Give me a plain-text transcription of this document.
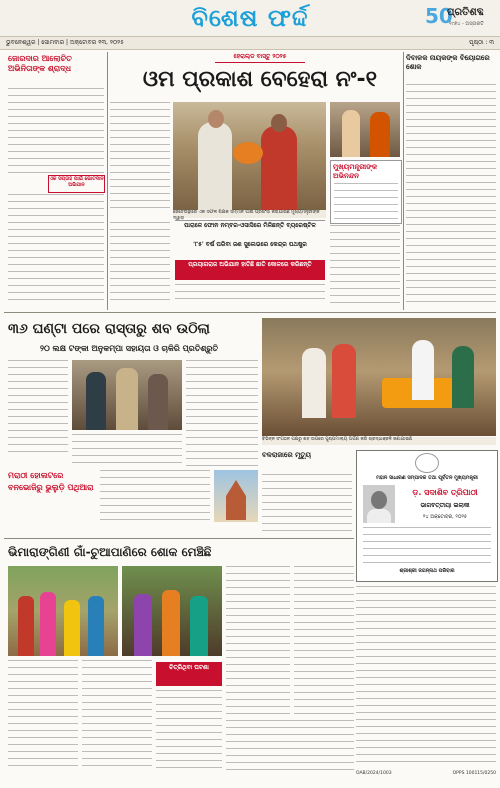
ବିଶେଷ ଫର୍ଦ୍ଦ	50
ପ୍ରତିଶବ୍ଦ
୧୯୭୪ - ଅସ୍ତାରତି
ଭୁବନେଶ୍ୱର | ସୋମବାର | ଅକ୍ଟୋବର ୧୩, ୨୦୨୫	ପୃଷ୍ଠା : ୩
ଜୋରଦାର ଆଲୋଚିତ ଅଭିନିତାଙ୍କ ଶ୍ରାଦ୍ଧ
ଏକ ସପ୍ତାହ ପାଇଁ ଭୋଟଦାନ ଅଭିଯାନ
ହେରାଲ୍ଡ ବାସ୍ତୁ ୨୦୨୫
ଓମ ପ୍ରକାଶ ବେହେରା ନଂ-୧
ଜେତେଉନ୍ଥାରେ ଏକ ସଫଳ ଶିକ୍ଷକ ସମ୍ମାନ ପାଇ ପ୍ରଶଂସା କରାଯାଇଛି ମୁଖ୍ୟମନ୍ତ୍ରୀଙ୍କ ଦ୍ୱାରା
ମୁଖ୍ୟମନ୍ତ୍ରୀଙ୍କ ଅଭିନନ୍ଦନ
ପାରାଳେ ଫୋନ ନମ୍ବର-ଓସାସିରେ ମିଳିଛନ୍ତି ବ୍ୟରେଷ୍ଟିଳ
'୮୫' ବର୍ଷ ପରିବା ଜଣ ସୁଲେଭରେ କେନ୍ଦ୍ର ପଥଷ୍ଟ୍ର
ପ୍ରୟାଗରାଜ ଅଭିଯାନ ହାତିଛି ଛାତି କୋଳରେ କରିଛନ୍ତି
ଦିବାଳକ ନାୟକଙ୍କ ବିୟୋଗରେ ଶୋକ
୩୬ ଘଣ୍ଟା ପରେ ରାସ୍ତାରୁ ଶବ ଉଠିଲା
୨୦ ଲକ୍ଷ ଟଙ୍କା ଅନୁକମ୍ପା ସହାୟତା ଓ ଚାକିରି ପ୍ରତିଶ୍ରୁତି
ବିଭିନ୍ନ ସଂଗଠନ ପକ୍ଷରୁ ଶବ ଉପରେ ପୁଷ୍ପମାଲ୍ୟ ଅର୍ପଣ କରି ଶ୍ରଦ୍ଧାଞ୍ଜଳି ଜଣାଯାଇଛି
ମରାଠୀ ହୋଲଟରେ ବନଭୋଜିରୁ ଭୁଲୁଡ଼ି ପଥିଆରା
ବଳରାଜାରେ ମୃତ୍ୟୁ
ମହାନ ସାଧାରଣ ସମ୍ପାଦକ ତଥା ପୂର୍ବତନ ମୁଖ୍ୟମନ୍ତ୍ରୀ
ଡ଼. ସଦାଶିବ ତ୍ରିପାଠୀ
ଭାଗବତ୍ତୀୟା ଇଲାକୀ
୨୪ ଅକ୍ଟୋବର, ୨୦୨୫
ଶ୍ରୀଶ୍ରୀ ଜଗନ୍ନାଥ ପରିବାର
ଭିମାରାଙ୍ଗିଣୀ ଗାଁ-ଚୁଆପାଣିରେ ଶୋକ ମେଞ୍ଚିଛି
ଚିତ୍ରିଥିବା ଘଟଣା
OPPS 100115/0250
OAB/2024/1003
